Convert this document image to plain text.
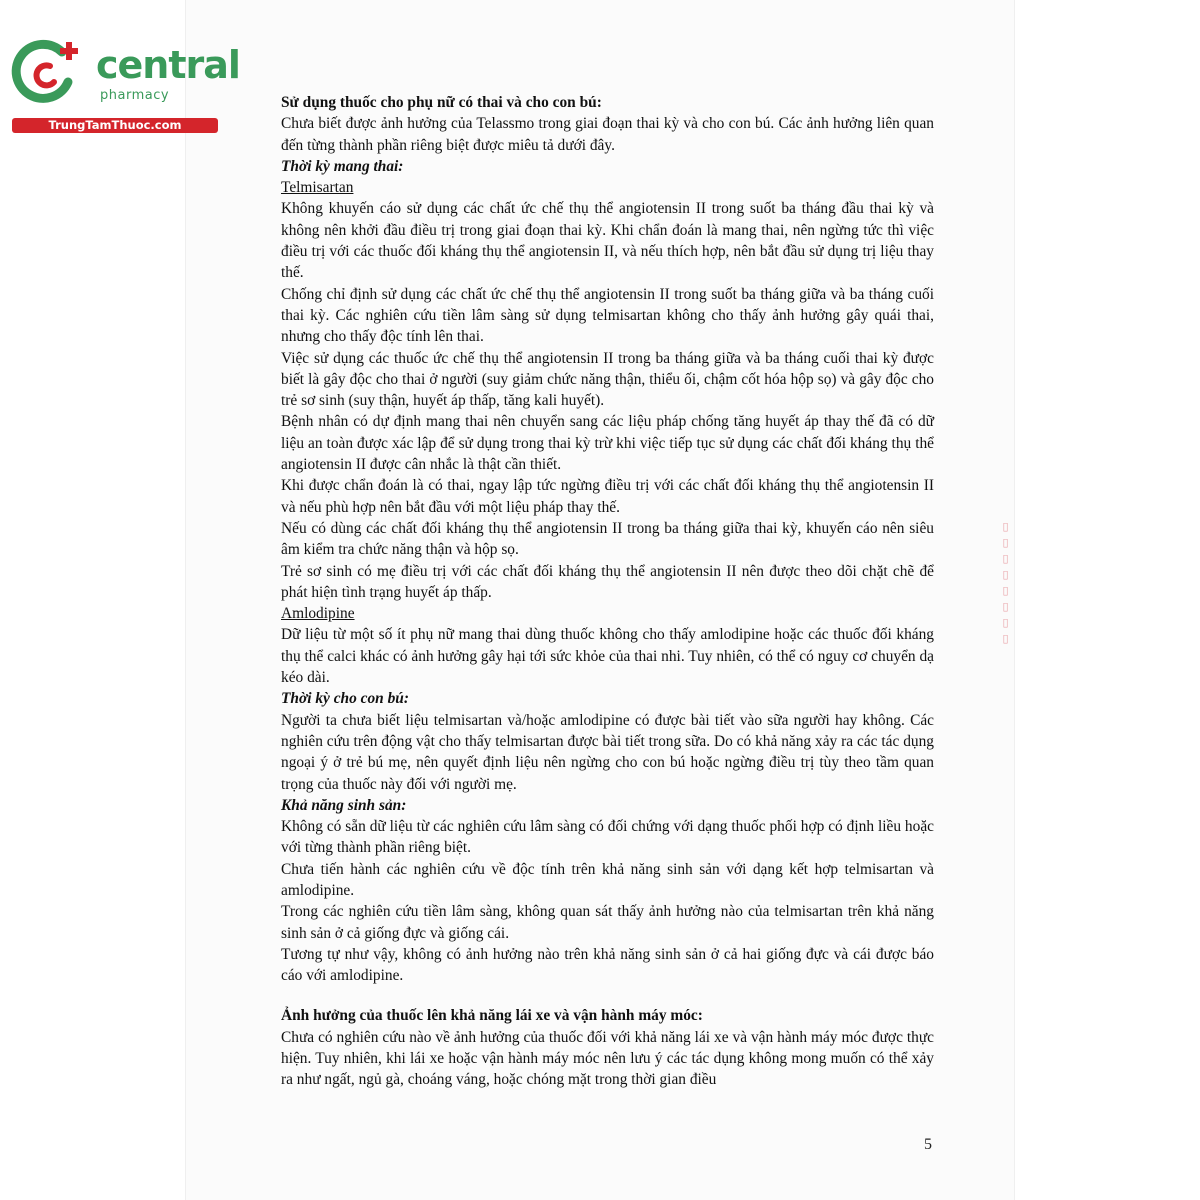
central
pharmacy
TrungTamThuoc.com

Sử dụng thuốc cho phụ nữ có thai và cho con bú:

Chưa biết được ảnh hưởng của Telassmo trong giai đoạn thai kỳ và cho con bú. Các ảnh hưởng liên quan đến từng thành phần riêng biệt được miêu tả dưới đây.

Thời kỳ mang thai:

Telmisartan

Không khuyến cáo sử dụng các chất ức chế thụ thể angiotensin II trong suốt ba tháng đầu thai kỳ và không nên khởi đầu điều trị trong giai đoạn thai kỳ. Khi chẩn đoán là mang thai, nên ngừng tức thì việc điều trị với các thuốc đối kháng thụ thể angiotensin II, và nếu thích hợp, nên bắt đầu sử dụng trị liệu thay thế.

Chống chỉ định sử dụng các chất ức chế thụ thể angiotensin II trong suốt ba tháng giữa và ba tháng cuối thai kỳ. Các nghiên cứu tiền lâm sàng sử dụng telmisartan không cho thấy ảnh hưởng gây quái thai, nhưng cho thấy độc tính lên thai.

Việc sử dụng các thuốc ức chế thụ thể angiotensin II trong ba tháng giữa và ba tháng cuối thai kỳ được biết là gây độc cho thai ở người (suy giảm chức năng thận, thiểu ối, chậm cốt hóa hộp sọ) và gây độc cho trẻ sơ sinh (suy thận, huyết áp thấp, tăng kali huyết).

Bệnh nhân có dự định mang thai nên chuyển sang các liệu pháp chống tăng huyết áp thay thế đã có dữ liệu an toàn được xác lập để sử dụng trong thai kỳ trừ khi việc tiếp tục sử dụng các chất đối kháng thụ thể angiotensin II được cân nhắc là thật cần thiết.

Khi được chẩn đoán là có thai, ngay lập tức ngừng điều trị với các chất đối kháng thụ thể angiotensin II và nếu phù hợp nên bắt đầu với một liệu pháp thay thế.

Nếu có dùng các chất đối kháng thụ thể angiotensin II trong ba tháng giữa thai kỳ, khuyến cáo nên siêu âm kiểm tra chức năng thận và hộp sọ.

Trẻ sơ sinh có mẹ điều trị với các chất đối kháng thụ thể angiotensin II nên được theo dõi chặt chẽ để phát hiện tình trạng huyết áp thấp.

Amlodipine

Dữ liệu từ một số ít phụ nữ mang thai dùng thuốc không cho thấy amlodipine hoặc các thuốc đối kháng thụ thể calci khác có ảnh hưởng gây hại tới sức khỏe của thai nhi. Tuy nhiên, có thể có nguy cơ chuyển dạ kéo dài.

Thời kỳ cho con bú:

Người ta chưa biết liệu telmisartan và/hoặc amlodipine có được bài tiết vào sữa người hay không. Các nghiên cứu trên động vật cho thấy telmisartan được bài tiết trong sữa. Do có khả năng xảy ra các tác dụng ngoại ý ở trẻ bú mẹ, nên quyết định liệu nên ngừng cho con bú hoặc ngừng điều trị tùy theo tầm quan trọng của thuốc này đối với người mẹ.

Khả năng sinh sản:

Không có sẵn dữ liệu từ các nghiên cứu lâm sàng có đối chứng với dạng thuốc phối hợp có định liều hoặc với từng thành phần riêng biệt.

Chưa tiến hành các nghiên cứu về độc tính trên khả năng sinh sản với dạng kết hợp telmisartan và amlodipine.

Trong các nghiên cứu tiền lâm sàng, không quan sát thấy ảnh hưởng nào của telmisartan trên khả năng sinh sản ở cả giống đực và giống cái.

Tương tự như vậy, không có ảnh hưởng nào trên khả năng sinh sản ở cả hai giống đực và cái được báo cáo với amlodipine.

Ảnh hưởng của thuốc lên khả năng lái xe và vận hành máy móc:

Chưa có nghiên cứu nào về ảnh hưởng của thuốc đối với khả năng lái xe và vận hành máy móc được thực hiện. Tuy nhiên, khi lái xe hoặc vận hành máy móc nên lưu ý các tác dụng không mong muốn có thể xảy ra như ngất, ngủ gà, choáng váng, hoặc chóng mặt trong thời gian điều

5
▯▯▯▯▯▯▯▯
